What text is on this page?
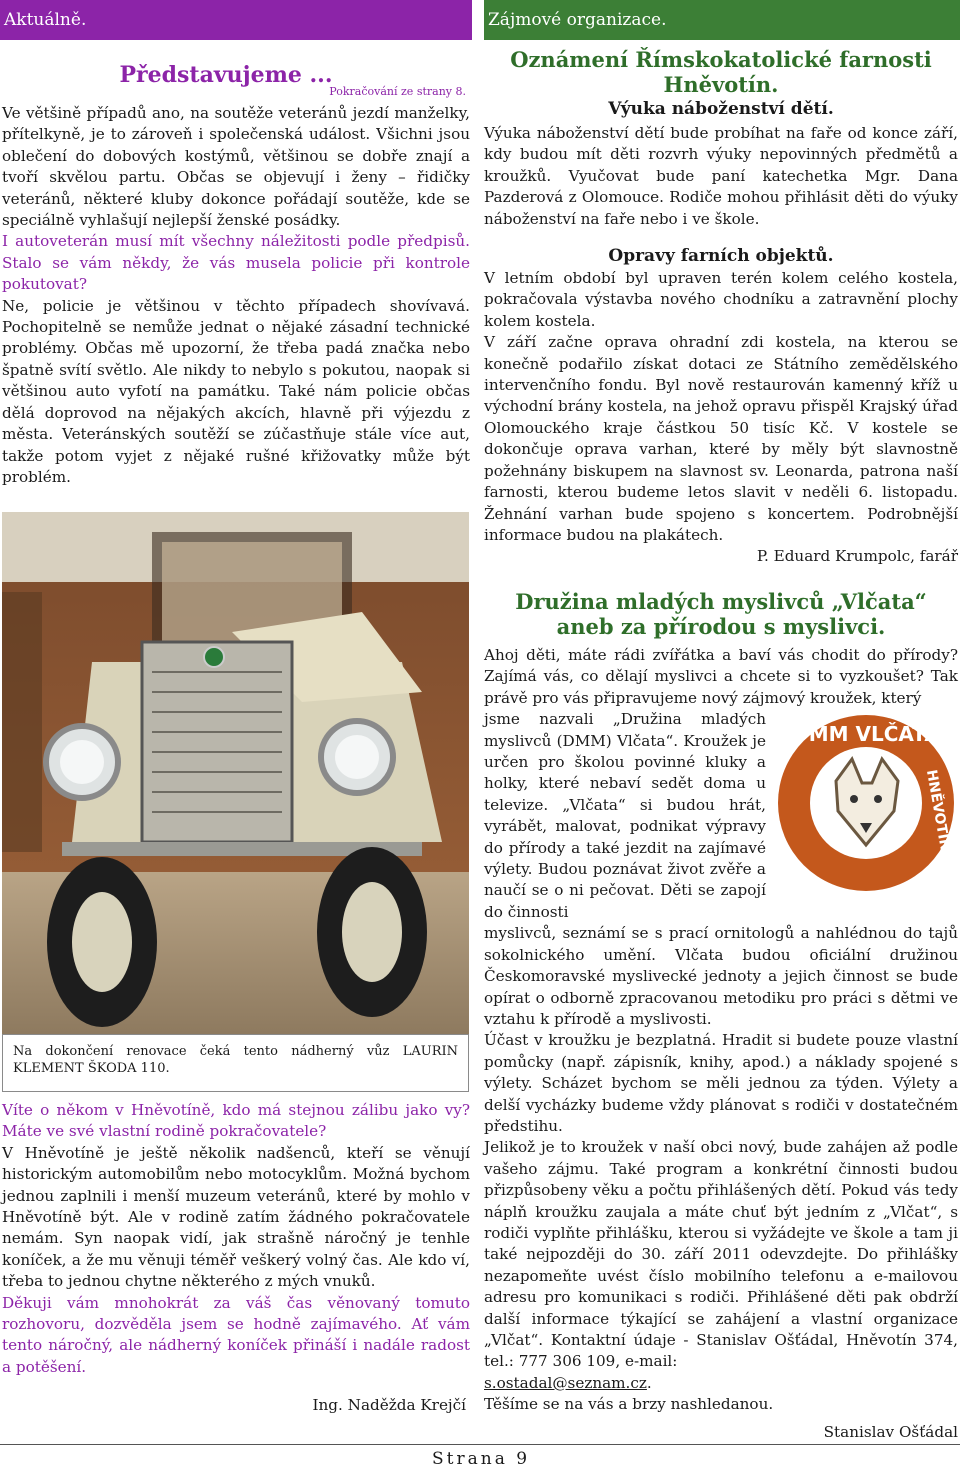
Aktuálně.

Představujeme ...

Pokračování ze strany 8.

Ve většině případů ano, na soutěže veteránů jezdí manželky, přítelkyně, je to zároveň i společenská událost. Všichni jsou oblečení do dobových kostýmů, většinou se dobře znají a tvoří skvělou partu. Občas se objevují i ženy – řidičky veteránů, některé kluby dokonce pořádají soutěže, kde se speciálně vyhlašují nejlepší ženské posádky.

I autoveterán musí mít všechny náležitosti podle předpisů. Stalo se vám někdy, že vás musela policie při kontrole pokutovat?

Ne, policie je většinou v těchto případech shovívavá. Pochopitelně se nemůže jednat o nějaké zásadní technické problémy. Občas mě upozorní, že třeba padá značka nebo špatně svítí světlo. Ale nikdy to nebylo s pokutou, naopak si většinou auto vyfotí na památku. Také nám policie občas dělá doprovod na nějakých akcích, hlavně při výjezdu z města. Veteránských soutěží se zúčastňuje stále více aut, takže potom vyjet z nějaké rušné křižovatky může být problém.

Na dokončení renovace čeká tento nádherný vůz LAURIN KLEMENT ŠKODA 110.

Víte o někom v Hněvotíně, kdo má stejnou zálibu jako vy? Máte ve své vlastní rodině pokračovatele?

V Hněvotíně je ještě několik nadšenců, kteří se věnují historickým automobilům nebo motocyklům. Možná bychom jednou zaplnili i menší muzeum veteránů, které by mohlo v Hněvotíně být. Ale v rodině zatím žádného pokračovatele nemám. Syn naopak vidí, jak strašně náročný je tenhle koníček, a že mu věnuji téměř veškerý volný čas. Ale kdo ví, třeba to jednou chytne některého z mých vnuků.

Děkuji vám mnohokrát za váš čas věnovaný tomuto rozhovoru, dozvěděla jsem se hodně zajímavého. Ať vám tento náročný, ale nádherný koníček přináší i nadále radost a potěšení.

Ing. Naděžda Krejčí
Zájmové organizace.

Oznámení Římskokatolické farnosti Hněvotín.

Výuka náboženství dětí.

Výuka náboženství dětí bude probíhat na faře od konce září, kdy budou mít děti rozvrh výuky nepovinných předmětů a kroužků. Vyučovat bude paní katechetka Mgr. Dana Pazderová z Olomouce. Rodiče mohou přihlásit děti do výuky náboženství na faře nebo i ve škole.

Opravy farních objektů.

V letním období byl upraven terén kolem celého kostela, pokračovala výstavba nového chodníku a zatravnění plochy kolem kostela.

V září začne oprava ohradní zdi kostela, na kterou se konečně podařilo získat dotaci ze Státního zemědělského intervenčního fondu. Byl nově restaurován kamenný kříž u východní brány kostela, na jehož opravu přispěl Krajský úřad Olomouckého kraje částkou 50 tisíc Kč. V kostele se dokončuje oprava varhan, které by měly být slavnostně požehnány biskupem na slavnost sv. Leonarda, patrona naší farnosti, kterou budeme letos slavit v neděli 6. listopadu. Žehnání varhan bude spojeno s koncertem. Podrobnější informace budou na plakátech.

P. Eduard Krumpolc, farář

Družina mladých myslivců „Vlčata“

aneb za přírodou s myslivci.

Ahoj děti, máte rádi zvířátka a baví vás chodit do přírody? Zajímá vás, co dělají myslivci a chcete si to vyzkoušet? Tak právě pro vás připravujeme nový zájmový kroužek, který

jsme nazvali „Družina mladých myslivců (DMM) Vlčata“. Kroužek je určen pro školou povinné kluky a holky, které nebaví sedět doma u televize. „Vlčata“ si budou hrát, vyrábět, malovat, podnikat výpravy do přírody a také jezdit na zajímavé výlety. Budou poznávat život zvěře a naučí se o ni pečovat. Děti se zapojí do činnosti

DMM VLČATA
HNĚVOTÍN

myslivců, seznámí se s prací ornitologů a nahlédnou do tajů sokolnického umění. Vlčata budou oficiální družinou Českomoravské myslivecké jednoty a jejich činnost se bude opírat o odborně zpracovanou metodiku pro práci s dětmi ve vztahu k přírodě a myslivosti.

Účast v kroužku je bezplatná. Hradit si budete pouze vlastní pomůcky (např. zápisník, knihy, apod.) a náklady spojené s výlety. Scházet bychom se měli jednou za týden. Výlety a delší vycházky budeme vždy plánovat s rodiči v dostatečném předstihu.

Jelikož je to kroužek v naší obci nový, bude zahájen až podle vašeho zájmu. Také program a konkrétní činnosti budou přizpůsobeny věku a počtu přihlášených dětí. Pokud vás tedy náplň kroužku zaujala a máte chuť být jedním z „Vlčat“, s rodiči vyplňte přihlášku, kterou si vyžádejte ve škole a tam ji také nejpozději do 30. září 2011 odevzdejte. Do přihlášky nezapomeňte uvést číslo mobilního telefonu a e-mailovou adresu pro komunikaci s rodiči. Přihlášené děti pak obdrží další informace týkající se zahájení a vlastní organizace „Vlčat“. Kontaktní údaje - Stanislav Ošťádal, Hněvotín 374, tel.: 777 306 109, e-mail:

s.ostadal@seznam.cz.

Těšíme se na vás a brzy nashledanou.

Stanislav Ošťádal

Strana 9
